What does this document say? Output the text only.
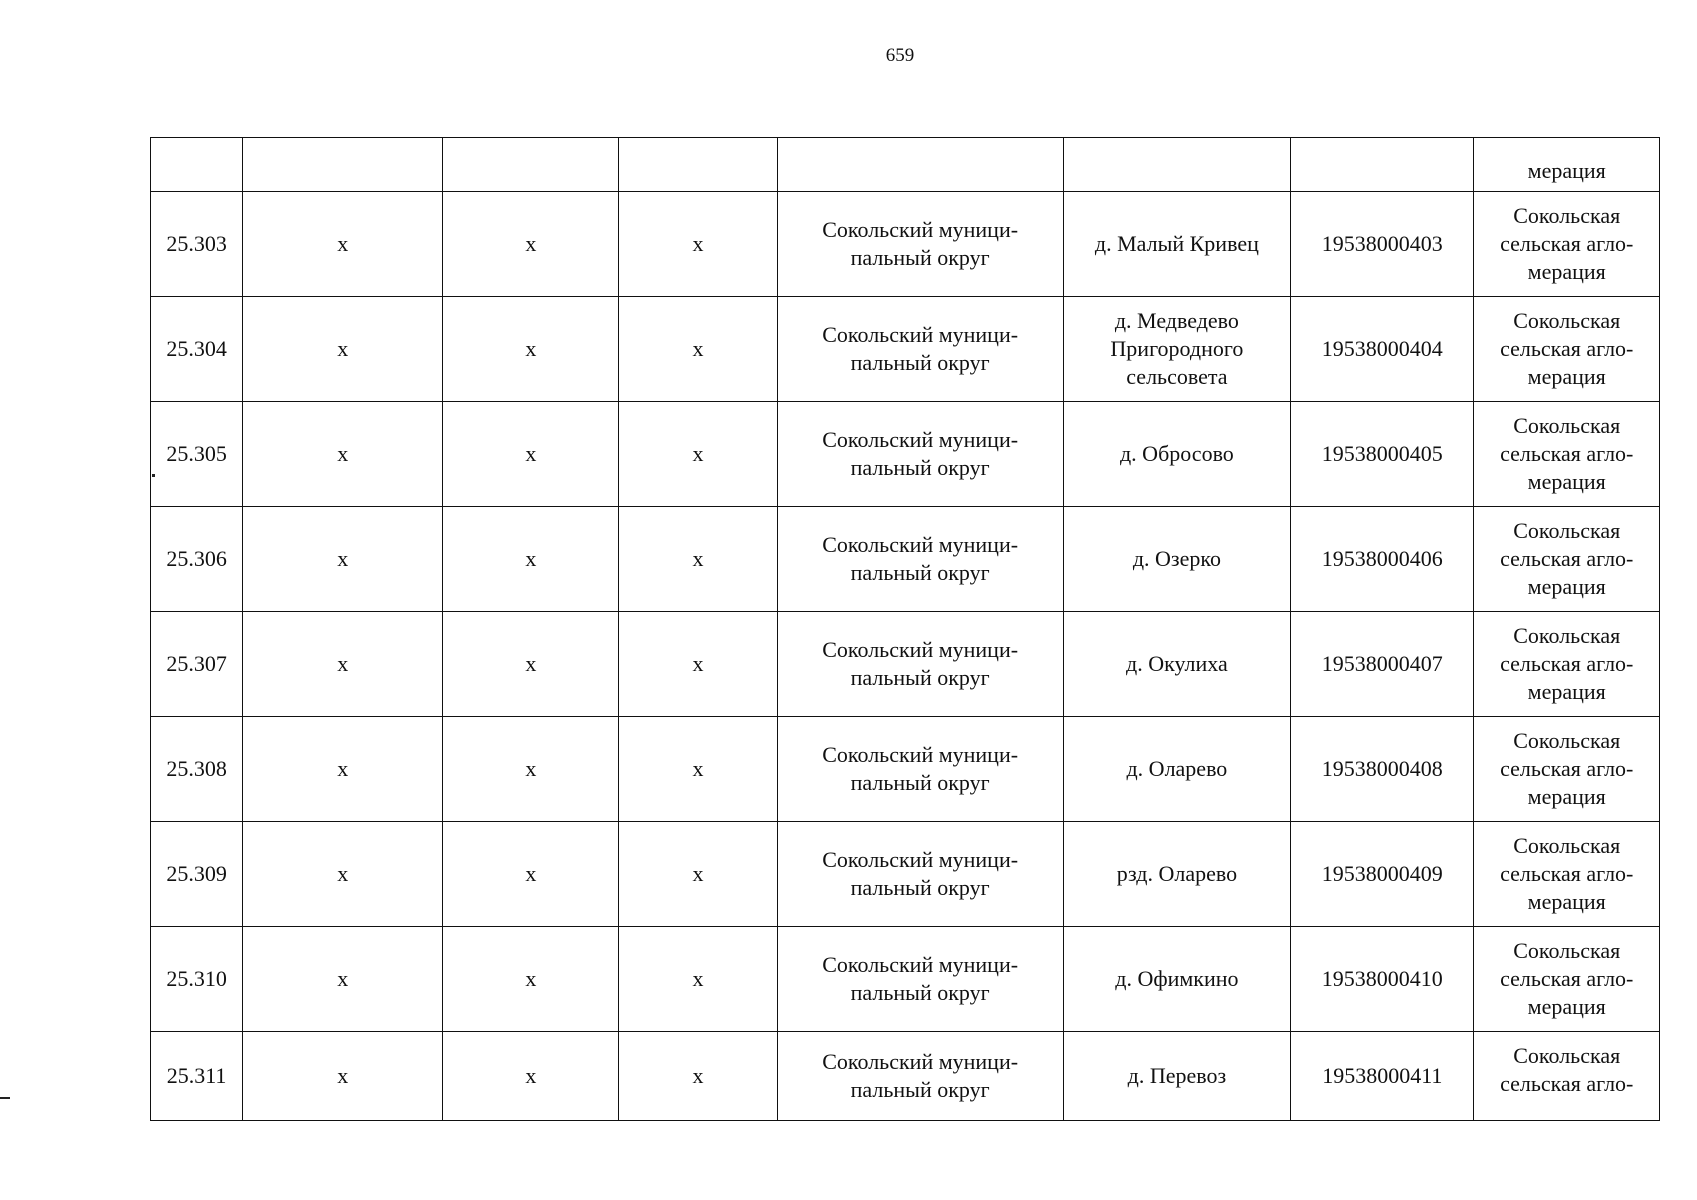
659
							мерация
25.303	х	х	х	Сокольский муници-
пальный округ	д. Малый Кривец	19538000403	Сокольская
сельская агло-
мерация
25.304	х	х	х	Сокольский муници-
пальный округ	д. Медведево
Пригородного
сельсовета	19538000404	Сокольская
сельская агло-
мерация
25.305	х	х	х	Сокольский муници-
пальный округ	д. Обросово	19538000405	Сокольская
сельская агло-
мерация
25.306	х	х	х	Сокольский муници-
пальный округ	д. Озерко	19538000406	Сокольская
сельская агло-
мерация
25.307	х	х	х	Сокольский муници-
пальный округ	д. Окулиха	19538000407	Сокольская
сельская агло-
мерация
25.308	х	х	х	Сокольский муници-
пальный округ	д. Оларево	19538000408	Сокольская
сельская агло-
мерация
25.309	х	х	х	Сокольский муници-
пальный округ	рзд. Оларево	19538000409	Сокольская
сельская агло-
мерация
25.310	х	х	х	Сокольский муници-
пальный округ	д. Офимкино	19538000410	Сокольская
сельская агло-
мерация
25.311	х	х	х	Сокольский муници-
пальный округ	д. Перевоз	19538000411	Сокольская
сельская агло-
